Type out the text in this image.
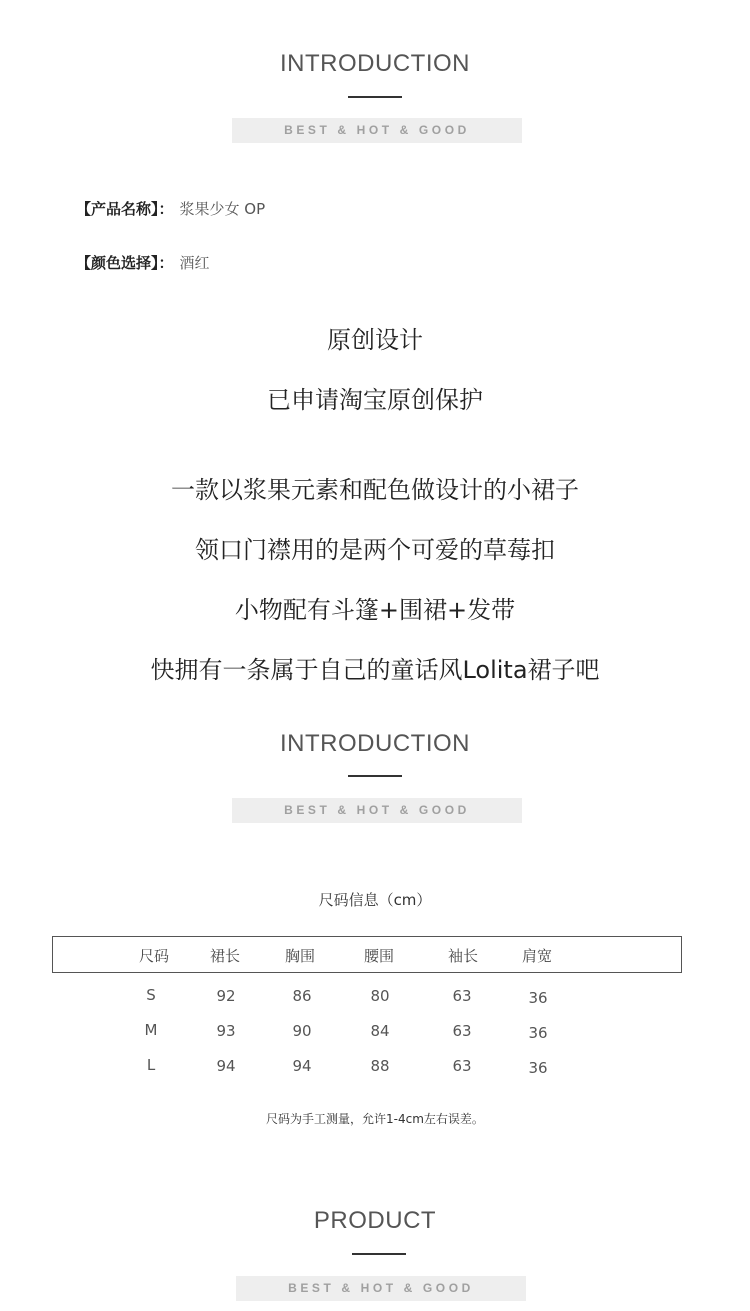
INTRODUCTION
BEST & HOT & GOOD
【产品名称】： 浆果少女 OP
【颜色选择】： 酒红
原创设计
已申请淘宝原创保护
一款以浆果元素和配色做设计的小裙子
领口门襟用的是两个可爱的草莓扣
小物配有斗篷+围裙+发带
快拥有一条属于自己的童话风Lolita裙子吧
INTRODUCTION
BEST & HOT & GOOD
尺码信息（cm）
尺码	裙长	胸围	腰围	袖长	肩宽
S	92	86	80	63	36
M	93	90	84	63	36
L	94	94	88	63	36
尺码为手工测量，允许1-4cm左右误差。
PRODUCT
BEST & HOT & GOOD
